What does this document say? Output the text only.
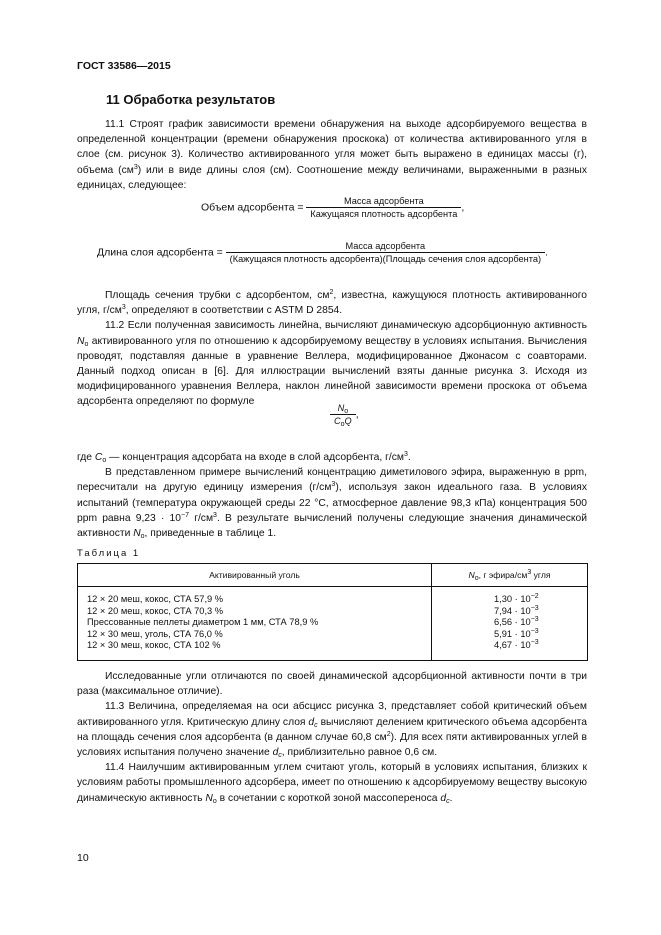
ГОСТ 33586—2015
11 Обработка результатов

11.1 Строят график зависимости времени обнаружения на выходе адсорбируемого вещества в определенной концентрации (времени обнаружения проскока) от количества активированного угля в слое (см. рисунок 3). Количество активированного угля может быть выражено в единицах массы (г), объема $(см^3)$ или в виде длины слоя (см). Соотношение между величинами, выраженными в разных единицах, следующее:

Объем адсорбента = $\frac{\text{Масса адсорбента}}{\text{Кажущаяся плотность адсорбента}}$ ,
Длина слоя адсорбента =
Масса адсорбента
(Кажущаяся плотность адсорбента)(Площадь сечения слоя адсорбента)
.

Площадь сечения трубки с адсорбентом, $см^2$, известна, кажущуюся плотность активированного угля, $г/см^3$, определяют в соответствии с ASTM D 2854.

11.2 Если полученная зависимость линейна, вычисляют динамическую адсорбционную активность $N_o$ активированного угля по отношению к адсорбируемому веществу в условиях испытания. Вычисления проводят, подставляя данные в уравнение Веллера, модифицированное Джонасом с соавторами. Данный подход описан в [6]. Для иллюстрации вычислений взяты данные рисунка 3. Исходя из модифицированного уравнения Веллера, наклон линейной зависимости времени проскока от объема адсорбента определяют по формуле

$\frac{N_o}{C_oQ}$ ,

где $C_o$ — концентрация адсорбата на входе в слой адсорбента, $г/см^3$.

В представленном примере вычислений концентрацию диметилового эфира, выраженную в ppm, пересчитали на другую единицу измерения $(г/см^3)$, используя закон идеального газа. В условиях испытаний (температура окружающей среды 22 °С, атмосферное давление 98,3 кПа) концентрация 500 ppm равна $9,23 \cdot 10^{-7}$ $г/см^3$. В результате вычислений получены следующие значения динамической активности $N_o$, приведенные в таблице 1.

Таблица 1
Активированный уголь	$N_o$, г эфира/$см^3$ угля
12 × 20 меш, кокос, СТА 57,9 %	$1,30 \cdot 10^{-2}$
12 × 20 меш, кокос, СТА 70,3 %	$7,94 \cdot 10^{-3}$
Прессованные пеллеты диаметром 1 мм, СТА 78,9 %	$6,56 \cdot 10^{-3}$
12 × 30 меш, уголь, СТА 76,0 %	$5,91 \cdot 10^{-3}$
12 × 30 меш, кокос, СТА 102 %	$4,67 \cdot 10^{-3}$

Исследованные угли отличаются по своей динамической адсорбционной активности почти в три раза (максимальное отличие).

11.3 Величина, определяемая на оси абсцисс рисунка 3, представляет собой критический объем активированного угля. Критическую длину слоя $d_c$ вычисляют делением критического объема адсорбента на площадь сечения слоя адсорбента (в данном случае 60,8 $см^2$). Для всех пяти активированных углей в условиях испытания получено значение $d_c$, приблизительно равное 0,6 см.

11.4 Наилучшим активированным углем считают уголь, который в условиях испытания, близких к условиям работы промышленного адсорбера, имеет по отношению к адсорбируемому веществу высокую динамическую активность $N_o$ в сочетании с короткой зоной массопереноса $d_c$.

10
